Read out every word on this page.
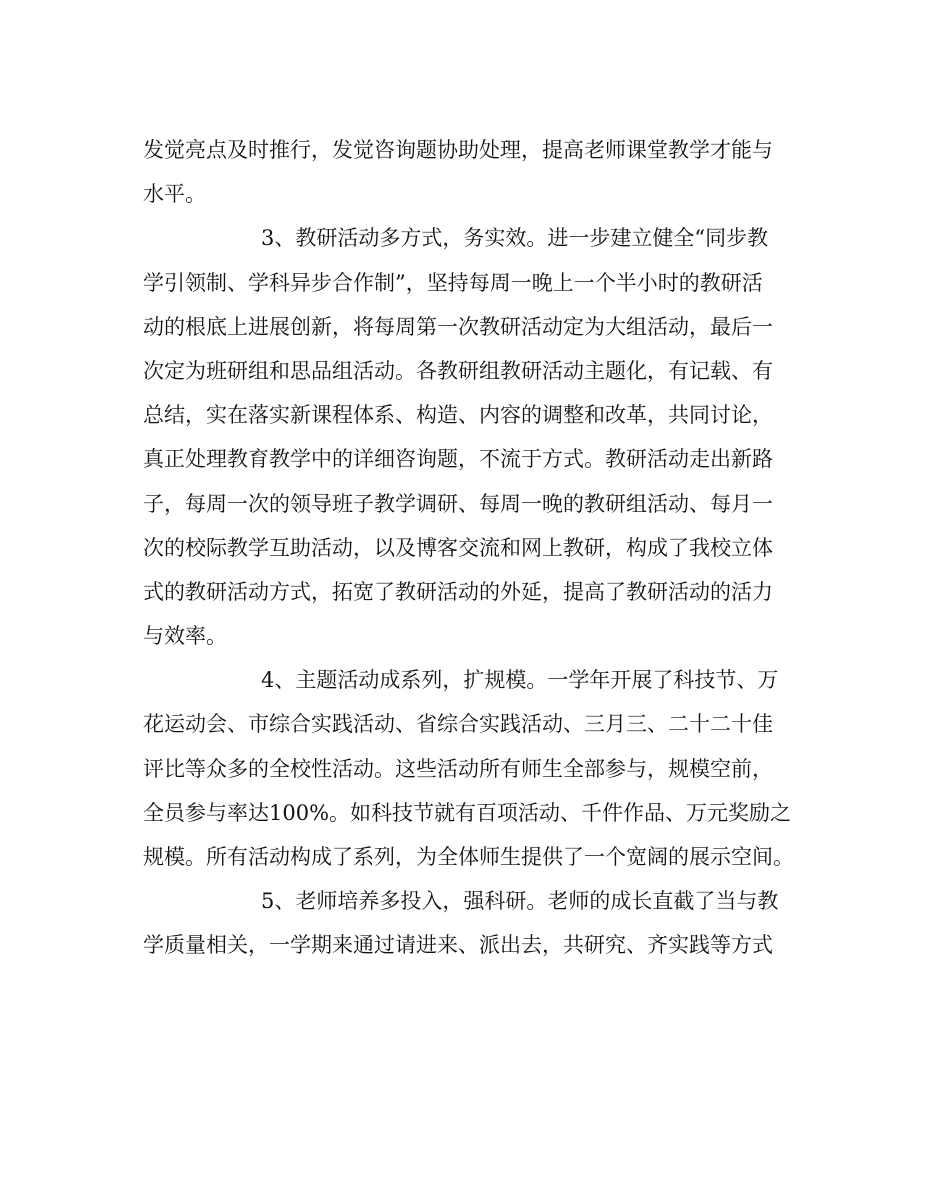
发觉亮点及时推行，发觉咨询题协助处理，提高老师课堂教学才能与
水平。
3、教研活动多方式，务实效。进一步建立健全“同步教
学引领制、学科异步合作制”，坚持每周一晚上一个半小时的教研活
动的根底上进展创新，将每周第一次教研活动定为大组活动，最后一
次定为班研组和思品组活动。各教研组教研活动主题化，有记载、有
总结，实在落实新课程体系、构造、内容的调整和改革，共同讨论，
真正处理教育教学中的详细咨询题，不流于方式。教研活动走出新路
子，每周一次的领导班子教学调研、每周一晚的教研组活动、每月一
次的校际教学互助活动，以及博客交流和网上教研，构成了我校立体
式的教研活动方式，拓宽了教研活动的外延，提高了教研活动的活力
与效率。
4、主题活动成系列，扩规模。一学年开展了科技节、万
花运动会、市综合实践活动、省综合实践活动、三月三、二十二十佳
评比等众多的全校性活动。这些活动所有师生全部参与，规模空前，
全员参与率达100%。如科技节就有百项活动、千件作品、万元奖励之
规模。所有活动构成了系列，为全体师生提供了一个宽阔的展示空间。
5、老师培养多投入，强科研。老师的成长直截了当与教
学质量相关，一学期来通过请进来、派出去，共研究、齐实践等方式
